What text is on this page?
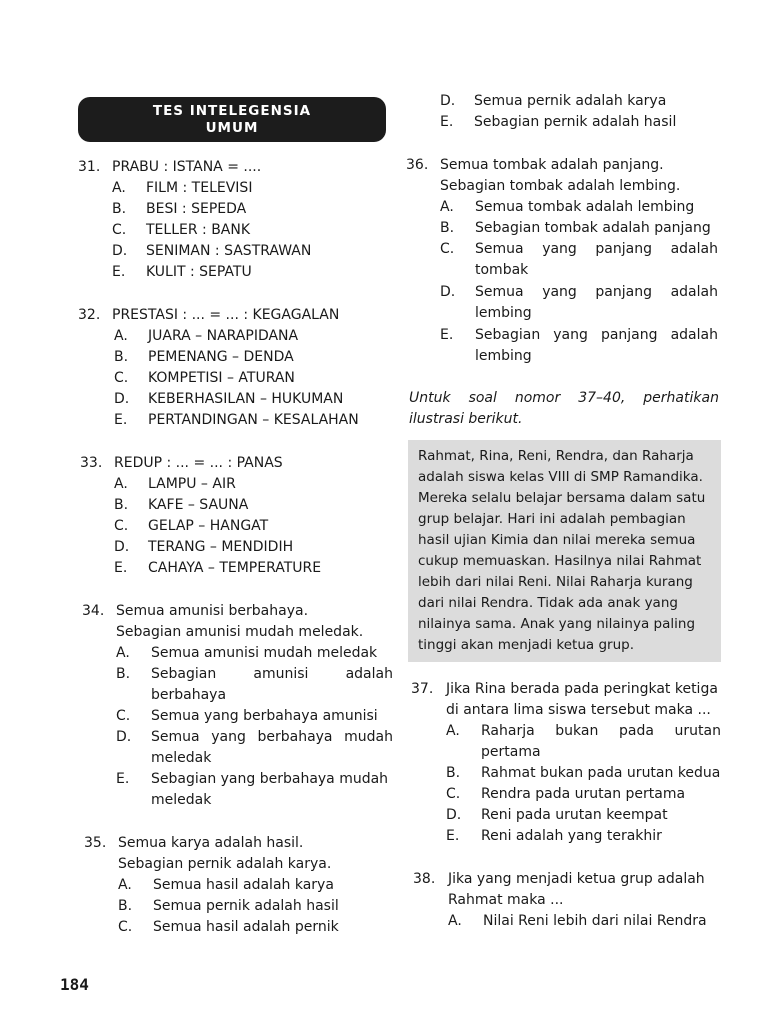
TES INTELEGENSIA
UMUM
31. PRABU : ISTANA = ....
A. FILM : TELEVISI
B. BESI : SEPEDA
C. TELLER : BANK
D. SENIMAN : SASTRAWAN
E. KULIT : SEPATU
32. PRESTASI : ... = ... : KEGAGALAN
A. JUARA – NARAPIDANA
B. PEMENANG – DENDA
C. KOMPETISI – ATURAN
D. KEBERHASILAN – HUKUMAN
E. PERTANDINGAN – KESALAHAN
33. REDUP : ... = ... : PANAS
A. LAMPU – AIR
B. KAFE – SAUNA
C. GELAP – HANGAT
D. TERANG – MENDIDIH
E. CAHAYA – TEMPERATURE
34. Semua amunisi berbahaya.
Sebagian amunisi mudah meledak.
A. Semua amunisi mudah meledak
B. Sebagian	amunisi	adalah
berbahaya
C. Semua yang berbahaya amunisi
D. Semua yang berbahaya mudah
meledak
E. Sebagian yang berbahaya mudah
meledak
35. Semua karya adalah hasil.
Sebagian pernik adalah karya.
A. Semua hasil adalah karya
B. Semua pernik adalah hasil
C. Semua hasil adalah pernik
D. Semua pernik adalah karya
E. Sebagian pernik adalah hasil
36. Semua tombak adalah panjang.
Sebagian tombak adalah lembing.
A. Semua tombak adalah lembing
B. Sebagian tombak adalah panjang
C. Semua yang panjang adalah
tombak
D. Semua yang panjang adalah
lembing
E. Sebagian yang panjang adalah
lembing
Untuk soal nomor 37–40, perhatikan
ilustrasi berikut.
Rahmat, Rina, Reni, Rendra, dan Raharja
adalah siswa kelas VIII di SMP Ramandika.
Mereka selalu belajar bersama dalam satu
grup belajar. Hari ini adalah pembagian
hasil ujian Kimia dan nilai mereka semua
cukup memuaskan. Hasilnya nilai Rahmat
lebih dari nilai Reni. Nilai Raharja kurang
dari nilai Rendra. Tidak ada anak yang
nilainya sama. Anak yang nilainya paling
tinggi akan menjadi ketua grup.
37. Jika Rina berada pada peringkat ketiga
di antara lima siswa tersebut maka ...
A. Raharja bukan pada urutan
pertama
B. Rahmat bukan pada urutan kedua
C. Rendra pada urutan pertama
D. Reni pada urutan keempat
E. Reni adalah yang terakhir
38. Jika yang menjadi ketua grup adalah
Rahmat maka ...
A. Nilai Reni lebih dari nilai Rendra
184
